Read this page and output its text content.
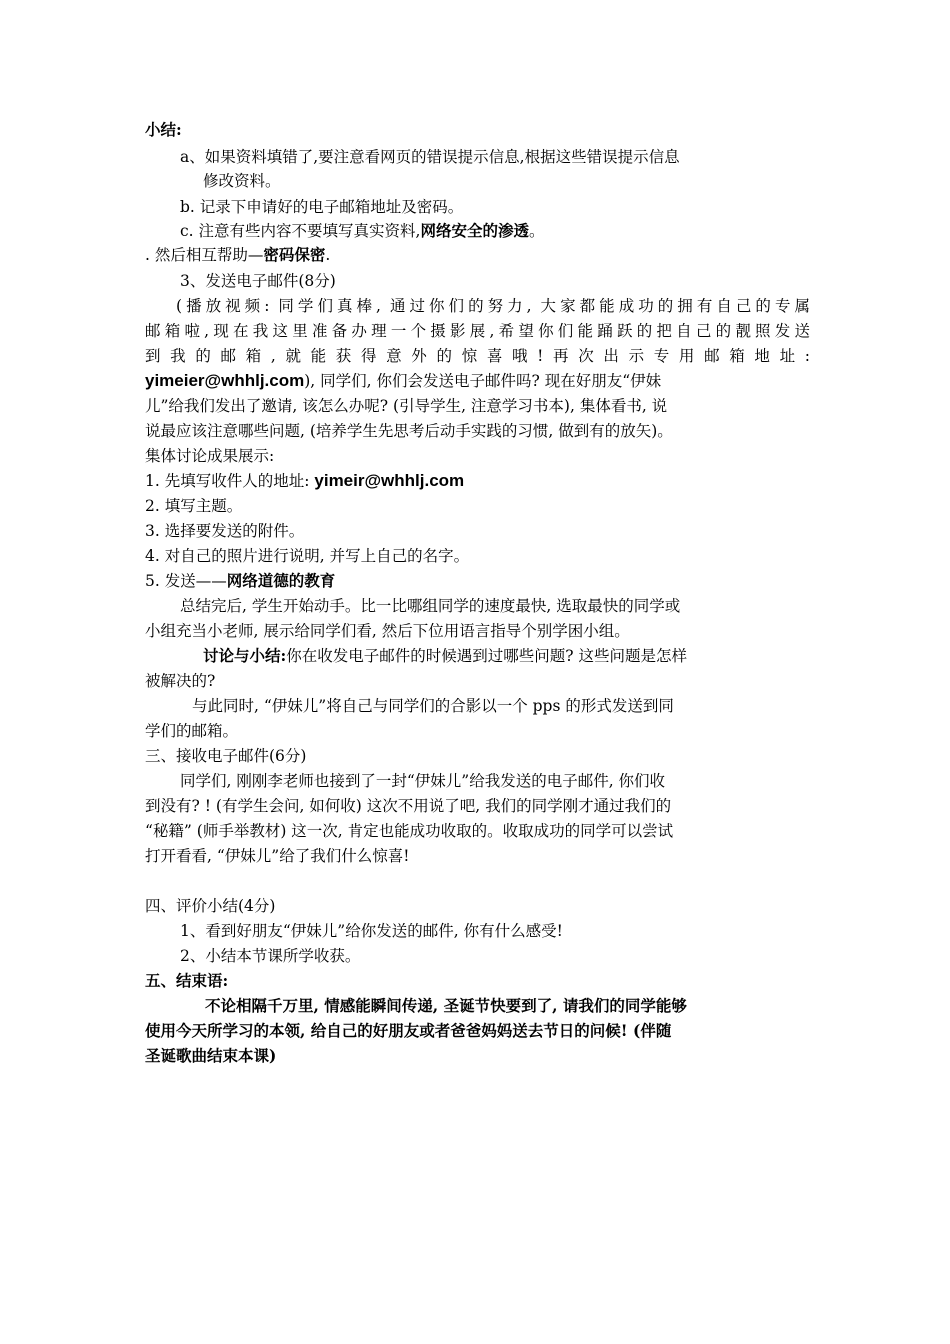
小结:
a、如果资料填错了,要注意看网页的错误提示信息,根据这些错误提示信息
修改资料。
b. 记录下申请好的电子邮箱地址及密码。
c. 注意有些内容不要填写真实资料,网络安全的渗透。
. 然后相互帮助—密码保密.
3、发送电子邮件(8分)
(播放视频: 同学们真棒, 通过你们的努力, 大家都能成功的拥有自己的专属
邮箱啦,现在我这里准备办理一个摄影展,希望你们能踊跃的把自己的靓照发送
到我的邮箱,就能获得意外的惊喜哦!再次出示专用邮箱地址:
yimeier@whhlj.com), 同学们, 你们会发送电子邮件吗? 现在好朋友“伊妹
儿”给我们发出了邀请, 该怎么办呢? (引导学生, 注意学习书本), 集体看书, 说
说最应该注意哪些问题, (培养学生先思考后动手实践的习惯, 做到有的放矢)。
集体讨论成果展示:
1. 先填写收件人的地址: yimeir@whhlj.com
2. 填写主题。
3. 选择要发送的附件。
4. 对自己的照片进行说明, 并写上自己的名字。
5. 发送——网络道德的教育
总结完后, 学生开始动手。比一比哪组同学的速度最快, 选取最快的同学或
小组充当小老师, 展示给同学们看, 然后下位用语言指导个别学困小组。
讨论与小结:你在收发电子邮件的时候遇到过哪些问题? 这些问题是怎样
被解决的?
与此同时, “伊妹儿”将自己与同学们的合影以一个 pps 的形式发送到同
学们的邮箱。
三、接收电子邮件(6分)
同学们, 刚刚李老师也接到了一封“伊妹儿”给我发送的电子邮件, 你们收
到没有? ! (有学生会问, 如何收) 这次不用说了吧, 我们的同学刚才通过我们的
“秘籍” (师手举教材) 这一次, 肯定也能成功收取的。收取成功的同学可以尝试
打开看看, “伊妹儿”给了我们什么惊喜!
四、评价小结(4分)
1、看到好朋友“伊妹儿”给你发送的邮件, 你有什么感受!
2、小结本节课所学收获。
五、结束语:
不论相隔千万里, 情感能瞬间传递, 圣诞节快要到了, 请我们的同学能够
使用今天所学习的本领, 给自己的好朋友或者爸爸妈妈送去节日的问候! (伴随
圣诞歌曲结束本课)
